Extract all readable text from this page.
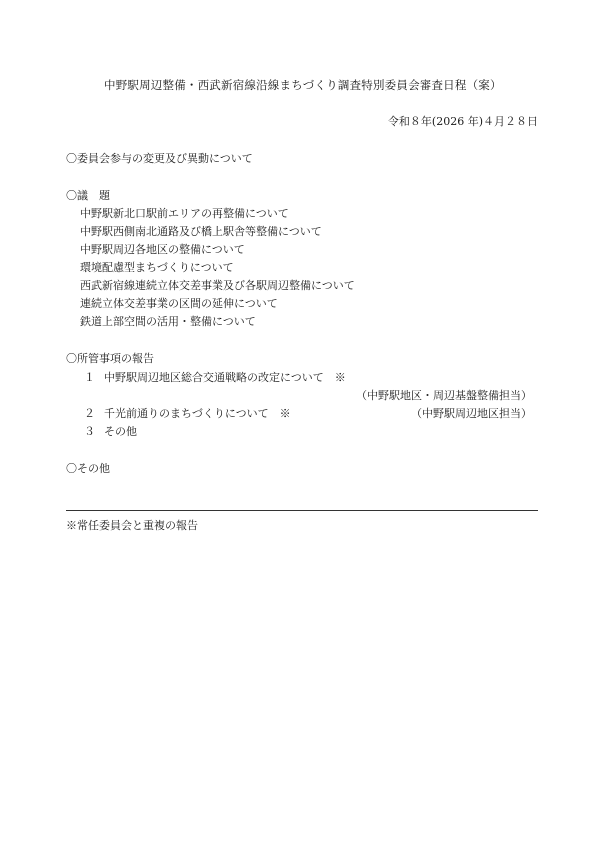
中野駅周辺整備・西武新宿線沿線まちづくり調査特別委員会審査日程（案）
令和８年(2026 年)４月２８日
〇委員会参与の変更及び異動について
〇議　題
中野駅新北口駅前エリアの再整備について
中野駅西側南北通路及び橋上駅舎等整備について
中野駅周辺各地区の整備について
環境配慮型まちづくりについて
西武新宿線連続立体交差事業及び各駅周辺整備について
連続立体交差事業の区間の延伸について
鉄道上部空間の活用・整備について
〇所管事項の報告
１ 中野駅周辺地区総合交通戦略の改定について　※
（中野駅地区・周辺基盤整備担当）
２ 千光前通りのまちづくりについて　※	（中野駅周辺地区担当）
３ その他
〇その他
※常任委員会と重複の報告
